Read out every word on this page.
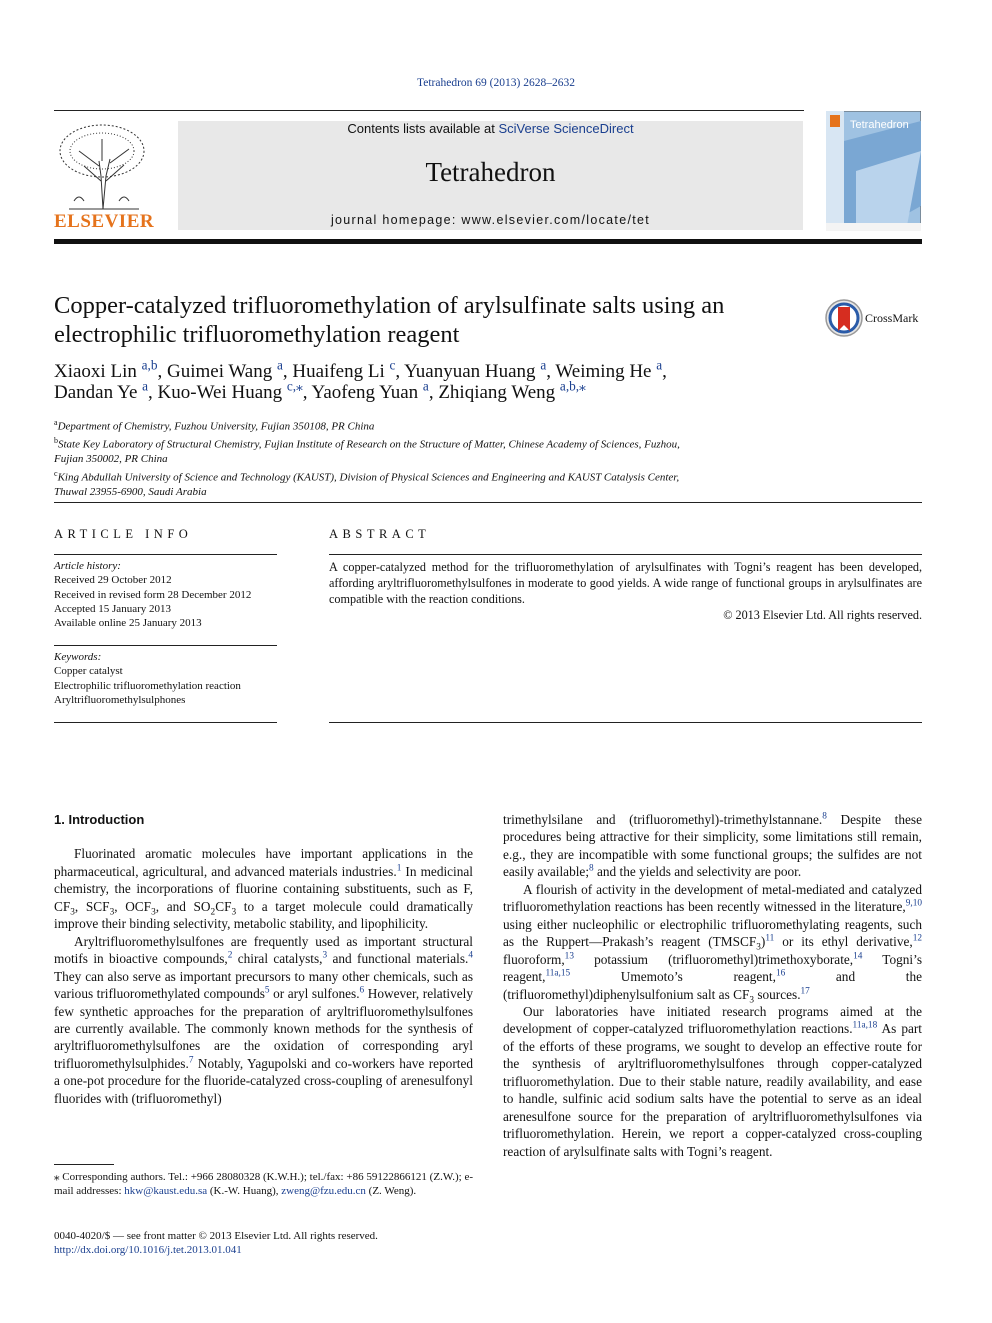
Tetrahedron 69 (2013) 2628–2632
ELSEVIER
Contents lists available at SciVerse ScienceDirect
Tetrahedron
journal homepage: www.elsevier.com/locate/tet
Tetrahedron
Copper-catalyzed trifluoromethylation of arylsulfinate salts using an electrophilic trifluoromethylation reagent
CrossMark
Xiaoxi Lin $^{a,b}$, Guimei Wang $^a$, Huaifeng Li $^c$, Yuanyuan Huang $^a$, Weiming He $^a$,
Dandan Ye $^a$, Kuo-Wei Huang $^{c,⁎}$, Yaofeng Yuan $^a$, Zhiqiang Weng $^{a,b,⁎}$
$^a$Department of Chemistry, Fuzhou University, Fujian 350108, PR China
$^b$State Key Laboratory of Structural Chemistry, Fujian Institute of Research on the Structure of Matter, Chinese Academy of Sciences, Fuzhou,
Fujian 350002, PR China
$^c$King Abdullah University of Science and Technology (KAUST), Division of Physical Sciences and Engineering and KAUST Catalysis Center,
Thuwal 23955-6900, Saudi Arabia
ARTICLE INFO	ABSTRACT
Article history:
Received 29 October 2012
Received in revised form 28 December 2012
Accepted 15 January 2013
Available online 25 January 2013
Keywords:
Copper catalyst
Electrophilic trifluoromethylation reaction
Aryltrifluoromethylsulphones
A copper-catalyzed method for the trifluoromethylation of arylsulfinates with Togni’s reagent has been developed, affording aryltrifluoromethylsulfones in moderate to good yields. A wide range of functional groups in arylsulfinates are compatible with the reaction conditions.
© 2013 Elsevier Ltd. All rights reserved.
1. Introduction

Fluorinated aromatic molecules have important applications in the pharmaceutical, agricultural, and advanced materials industries.$^1$ In medicinal chemistry, the incorporations of fluorine containing substituents, such as F, $CF_3$, $SCF_3$, $OCF_3$, and $SO_2CF_3$ to a target molecule could dramatically improve their binding selectivity, metabolic stability, and lipophilicity.

Aryltrifluoromethylsulfones are frequently used as important structural motifs in bioactive compounds,$^2$ chiral catalysts,$^3$ and functional materials.$^4$ They can also serve as important precursors to many other chemicals, such as various trifluoromethylated compounds$^5$ or aryl sulfones.$^6$ However, relatively few synthetic approaches for the preparation of aryltrifluoromethylsulfones are currently available. The commonly known methods for the synthesis of aryltrifluoromethylsulfones are the oxidation of corresponding aryl trifluoromethylsulphides.$^7$ Notably, Yagupolski and co-workers have reported a one-pot procedure for the fluoride-catalyzed cross-coupling of arenesulfonyl fluorides with (trifluoromethyl)

trimethylsilane and (trifluoromethyl)-trimethylstannane.$^8$ Despite these procedures being attractive for their simplicity, some limitations still remain, e.g., they are incompatible with some functional groups; the sulfides are not easily available;$^8$ and the yields and selectivity are poor.

A flourish of activity in the development of metal-mediated and catalyzed trifluoromethylation reactions has been recently witnessed in the literature,$^{9,10}$ using either nucleophilic or electrophilic trifluoromethylating reagents, such as the Ruppert—Prakash’s reagent $(TMSCF_3)^{11}$ or its ethyl derivative,$^{12}$ fluoroform,$^{13}$ potassium (trifluoromethyl)trimethoxyborate,$^{14}$ Togni’s reagent,$^{11a,15}$ Umemoto’s reagent,$^{16}$ and the (trifluoromethyl)diphenylsulfonium salt as $CF_3$ sources.$^{17}$

Our laboratories have initiated research programs aimed at the development of copper-catalyzed trifluoromethylation reactions.$^{11a,18}$ As part of the efforts of these programs, we sought to develop an effective route for the synthesis of aryltrifluoromethylsulfones through copper-catalyzed trifluoromethylation. Due to their stable nature, readily availability, and ease to handle, sulfinic acid sodium salts have the potential to serve as an ideal arenesulfone source for the preparation of aryltrifluoromethylsulfones via trifluoromethylation. Herein, we report a copper-catalyzed cross-coupling reaction of arylsulfinate salts with Togni’s reagent.

⁎ Corresponding authors. Tel.: +966 28080328 (K.W.H.); tel./fax: +86 59122866121 (Z.W.); e-mail addresses: hkw@kaust.edu.sa (K.-W. Huang), zweng@fzu.edu.cn (Z. Weng).
0040-4020/$ — see front matter © 2013 Elsevier Ltd. All rights reserved.
http://dx.doi.org/10.1016/j.tet.2013.01.041
